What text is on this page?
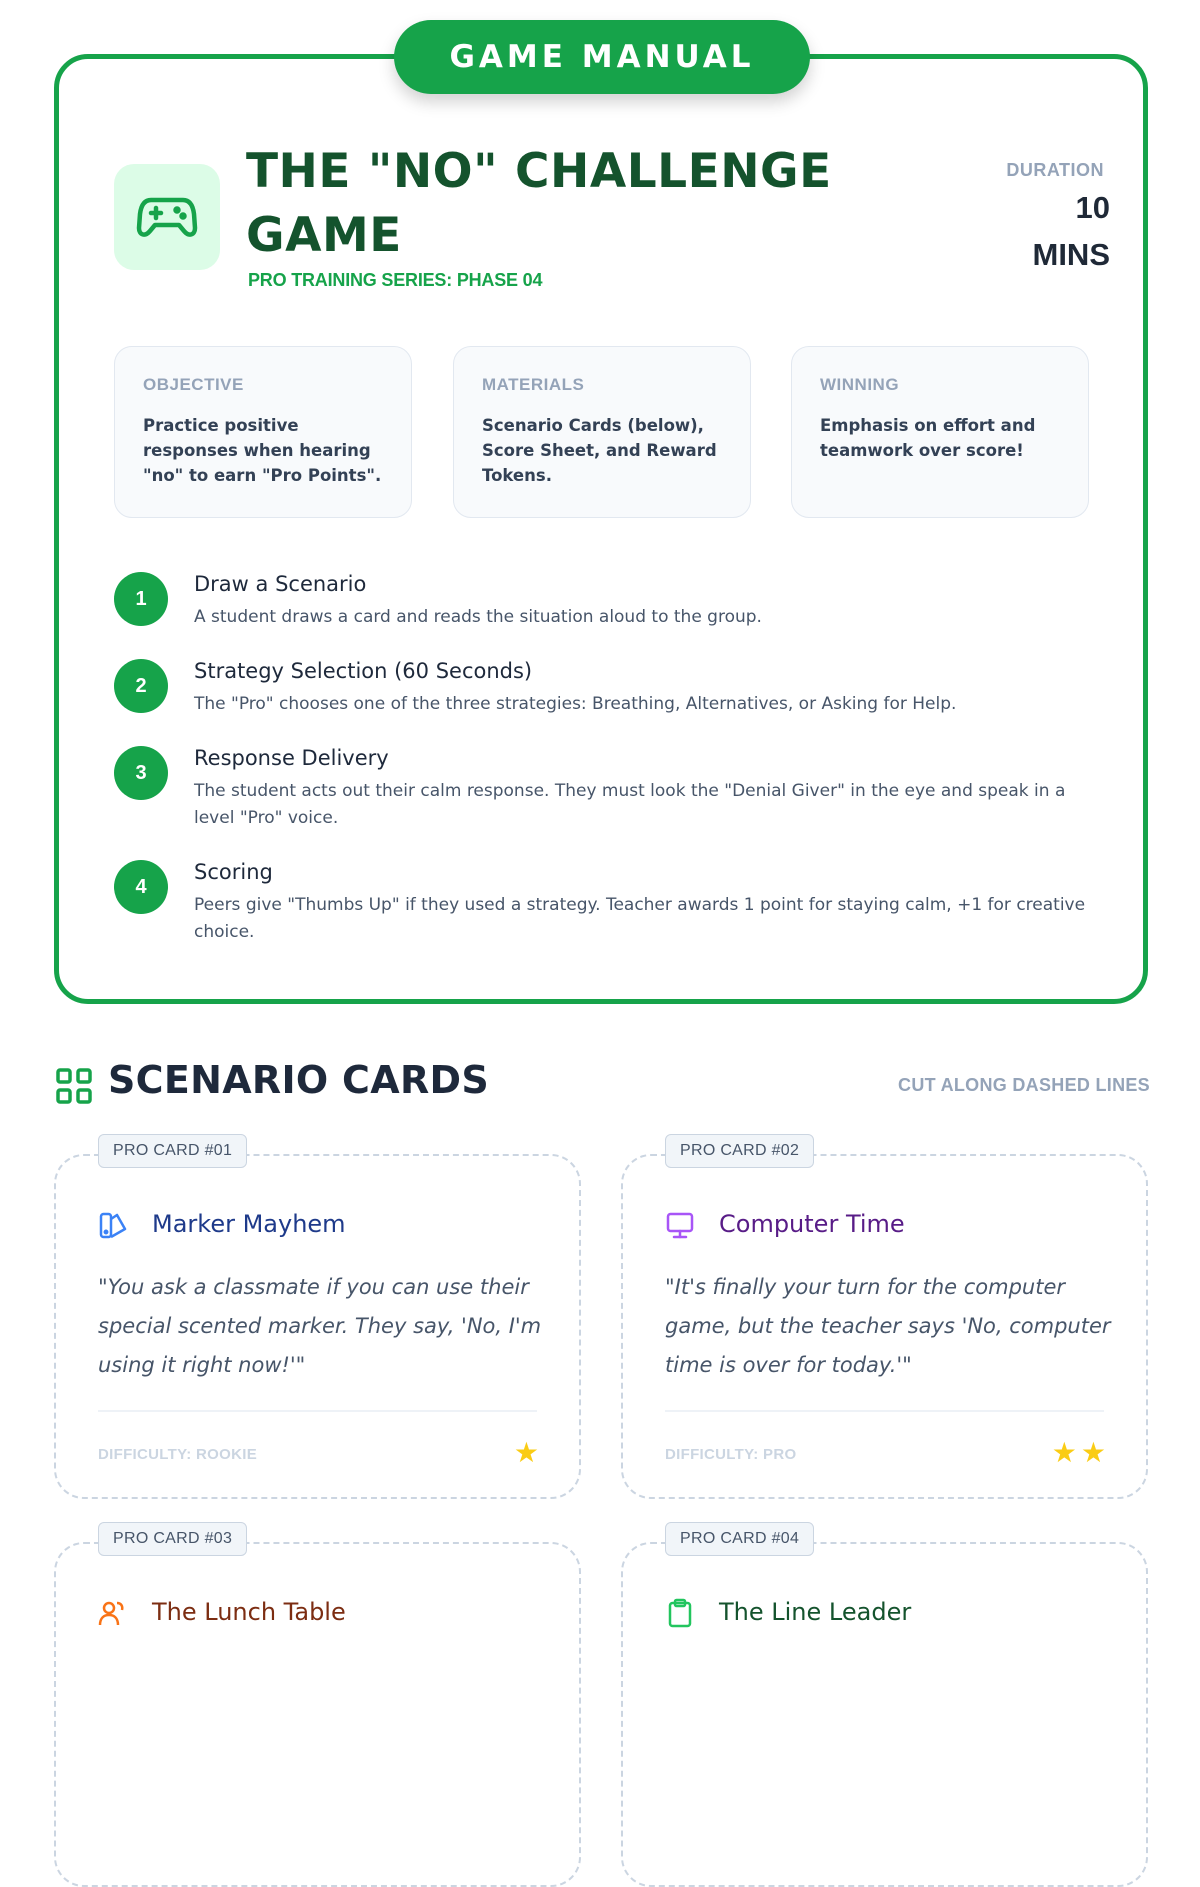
GAME MANUAL
THE "NO" CHALLENGE GAME
PRO TRAINING SERIES: PHASE 04
DURATION
10 MINS
OBJECTIVE
Practice positive responses when hearing "no" to earn "Pro Points".
MATERIALS
Scenario Cards (below), Score Sheet, and Reward Tokens.
WINNING
Emphasis on effort and teamwork over score!
1
Draw a Scenario
A student draws a card and reads the situation aloud to the group.
2
Strategy Selection (60 Seconds)
The "Pro" chooses one of the three strategies: Breathing, Alternatives, or Asking for Help.
3
Response Delivery
The student acts out their calm response. They must look the "Denial Giver" in the eye and speak in a level "Pro" voice.
4
Scoring
Peers give "Thumbs Up" if they used a strategy. Teacher awards 1 point for staying calm, +1 for creative choice.
SCENARIO CARDS	CUT ALONG DASHED LINES
PRO CARD #01
Marker Mayhem
"You ask a classmate if you can use their special scented marker. They say, 'No, I'm using it right now!'"
DIFFICULTY: ROOKIE	★
PRO CARD #02
Computer Time
"It's finally your turn for the computer game, but the teacher says 'No, computer time is over for today.'"
DIFFICULTY: PRO	★ ★
PRO CARD #03
The Lunch Table
PRO CARD #04
The Line Leader
